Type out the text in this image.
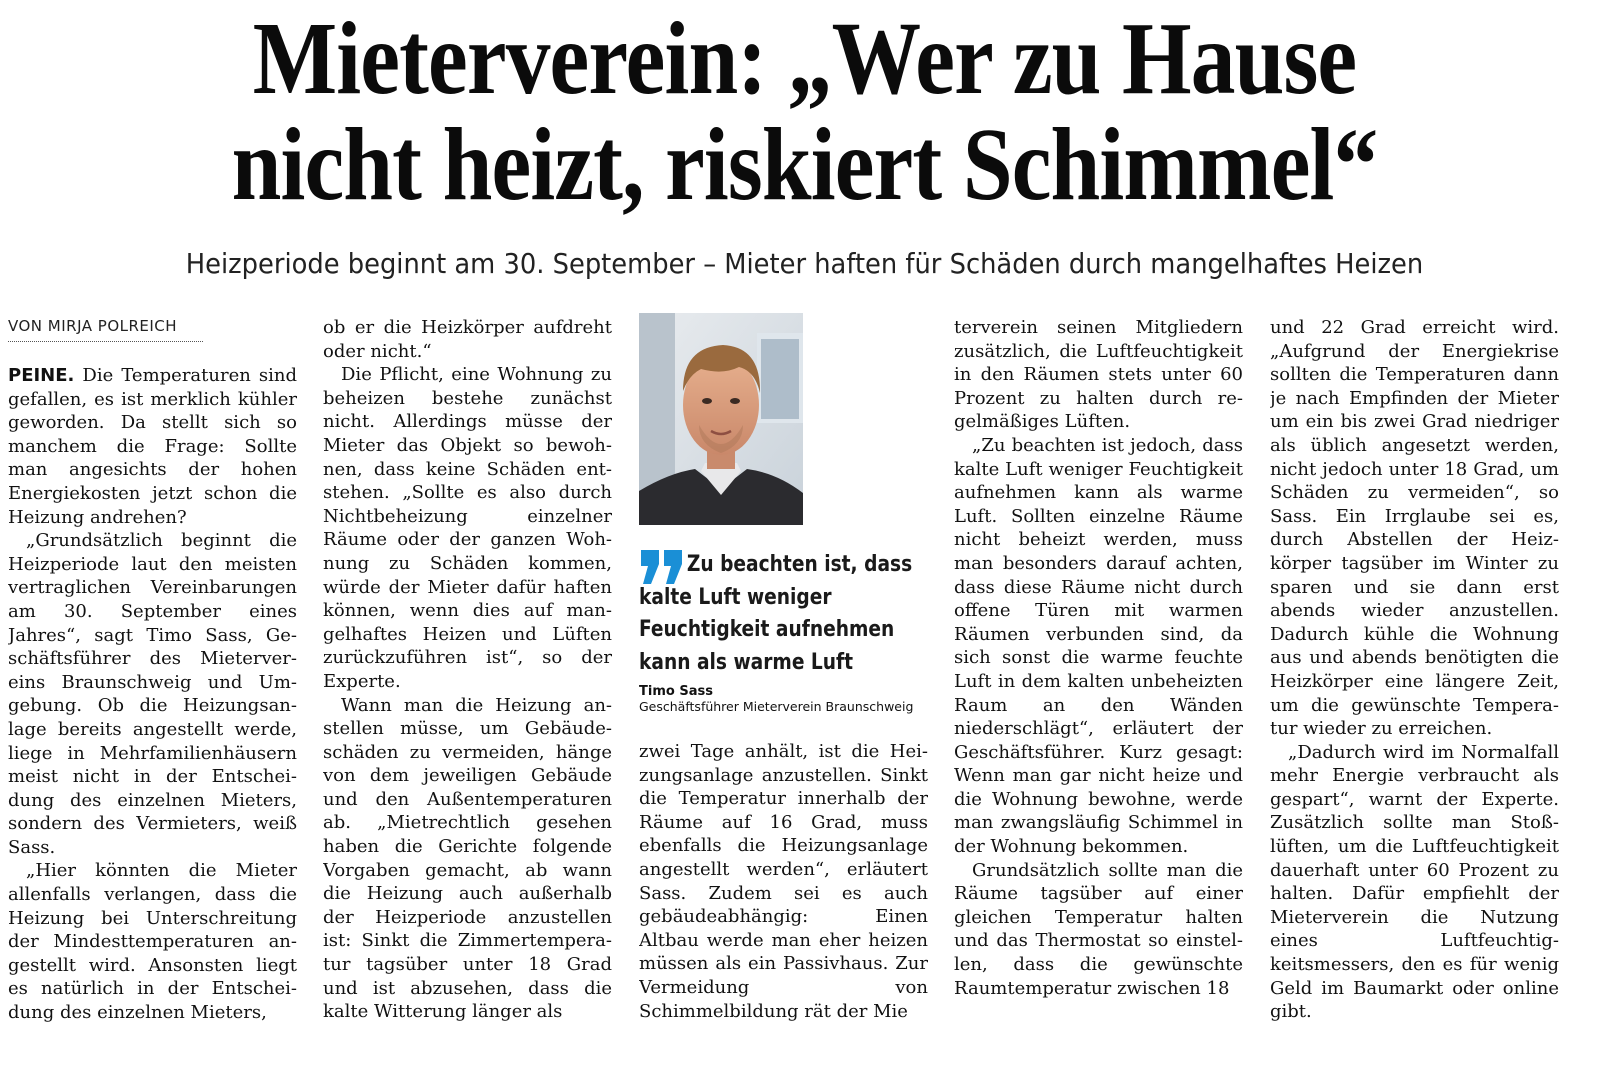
Mieterverein: „Wer zu Hause
nicht heizt, riskiert Schimmel“
Heizperiode beginnt am 30. September – Mieter haften für Schäden durch mangelhaftes Heizen
VON MIRJA POLREICH

PEINE. Die Temperaturen sind gefallen, es ist merklich kühler geworden. Da stellt sich so manchem die Frage: Sollte man angesichts der hohen Energiekosten jetzt schon die Heizung andrehen?

„Grundsätzlich beginnt die Heizperiode laut den meisten vertraglichen Vereinbarungen am 30. September eines Jahres“, sagt Timo Sass, Geschäftsführer des Mietervereins Braunschweig und Umgebung. Ob die Heizungsanlage bereits angestellt werde, liege in Mehrfamilienhäusern meist nicht in der Entscheidung des einzelnen Mieters, sondern des Vermieters, weiß Sass.

„Hier könnten die Mieter allenfalls verlangen, dass die Heizung bei Unterschreitung der Mindesttemperaturen angestellt wird. Ansonsten liegt es natürlich in der Entscheidung des einzelnen Mieters,

ob er die Heizkörper aufdreht oder nicht.“

Die Pflicht, eine Wohnung zu beheizen bestehe zunächst nicht. Allerdings müsse der Mieter das Objekt so bewohnen, dass keine Schäden entstehen. „Sollte es also durch Nichtbeheizung einzelner Räume oder der ganzen Wohnung zu Schäden kommen, würde der Mieter dafür haften können, wenn dies auf mangelhaftes Heizen und Lüften zurückzuführen ist“, so der Experte.

Wann man die Heizung anstellen müsse, um Gebäudeschäden zu vermeiden, hänge von dem jeweiligen Gebäude und den Außentemperaturen ab. „Mietrechtlich gesehen haben die Gerichte folgende Vorgaben gemacht, ab wann die Heizung auch außerhalb der Heizperiode anzustellen ist: Sinkt die Zimmertemperatur tagsüber unter 18 Grad und ist abzusehen, dass die kalte Witterung länger als

Zu beachten ist, dass kalte Luft weniger Feuchtigkeit aufnehmen kann als warme Luft

Timo Sass
Geschäftsführer Mieterverein Braunschweig

zwei Tage anhält, ist die Heizungsanlage anzustellen. Sinkt die Temperatur innerhalb der Räume auf 16 Grad, muss ebenfalls die Heizungsanlage angestellt werden“, erläutert Sass. Zudem sei es auch gebäudeabhängig: Einen Altbau werde man eher heizen müssen als ein Passivhaus. Zur Vermeidung von Schimmelbildung rät der Mie

terverein seinen Mitgliedern zusätzlich, die Luftfeuchtigkeit in den Räumen stets unter 60 Prozent zu halten durch regelmäßiges Lüften.

„Zu beachten ist jedoch, dass kalte Luft weniger Feuchtigkeit aufnehmen kann als warme Luft. Sollten einzelne Räume nicht beheizt werden, muss man besonders darauf achten, dass diese Räume nicht durch offene Türen mit warmen Räumen verbunden sind, da sich sonst die warme feuchte Luft in dem kalten unbeheizten Raum an den Wänden niederschlägt“, erläutert der Geschäftsführer. Kurz gesagt: Wenn man gar nicht heize und die Wohnung bewohne, werde man zwangsläufig Schimmel in der Wohnung bekommen.

Grundsätzlich sollte man die Räume tagsüber auf einer gleichen Temperatur halten und das Thermostat so einstellen, dass die gewünschte Raumtemperatur zwischen 18

und 22 Grad erreicht wird. „Aufgrund der Energiekrise sollten die Temperaturen dann je nach Empfinden der Mieter um ein bis zwei Grad niedriger als üblich angesetzt werden, nicht jedoch unter 18 Grad, um Schäden zu vermeiden“, so Sass. Ein Irrglaube sei es, durch Abstellen der Heizkörper tagsüber im Winter zu sparen und sie dann erst abends wieder anzustellen. Dadurch kühle die Wohnung aus und abends benötigten die Heizkörper eine längere Zeit, um die gewünschte Temperatur wieder zu erreichen.

„Dadurch wird im Normalfall mehr Energie verbraucht als gespart“, warnt der Experte. Zusätzlich sollte man Stoßlüften, um die Luftfeuchtigkeit dauerhaft unter 60 Prozent zu halten. Dafür empfiehlt der Mieterverein die Nutzung eines Luftfeuchtigkeitsmessers, den es für wenig Geld im Baumarkt oder online gibt.
